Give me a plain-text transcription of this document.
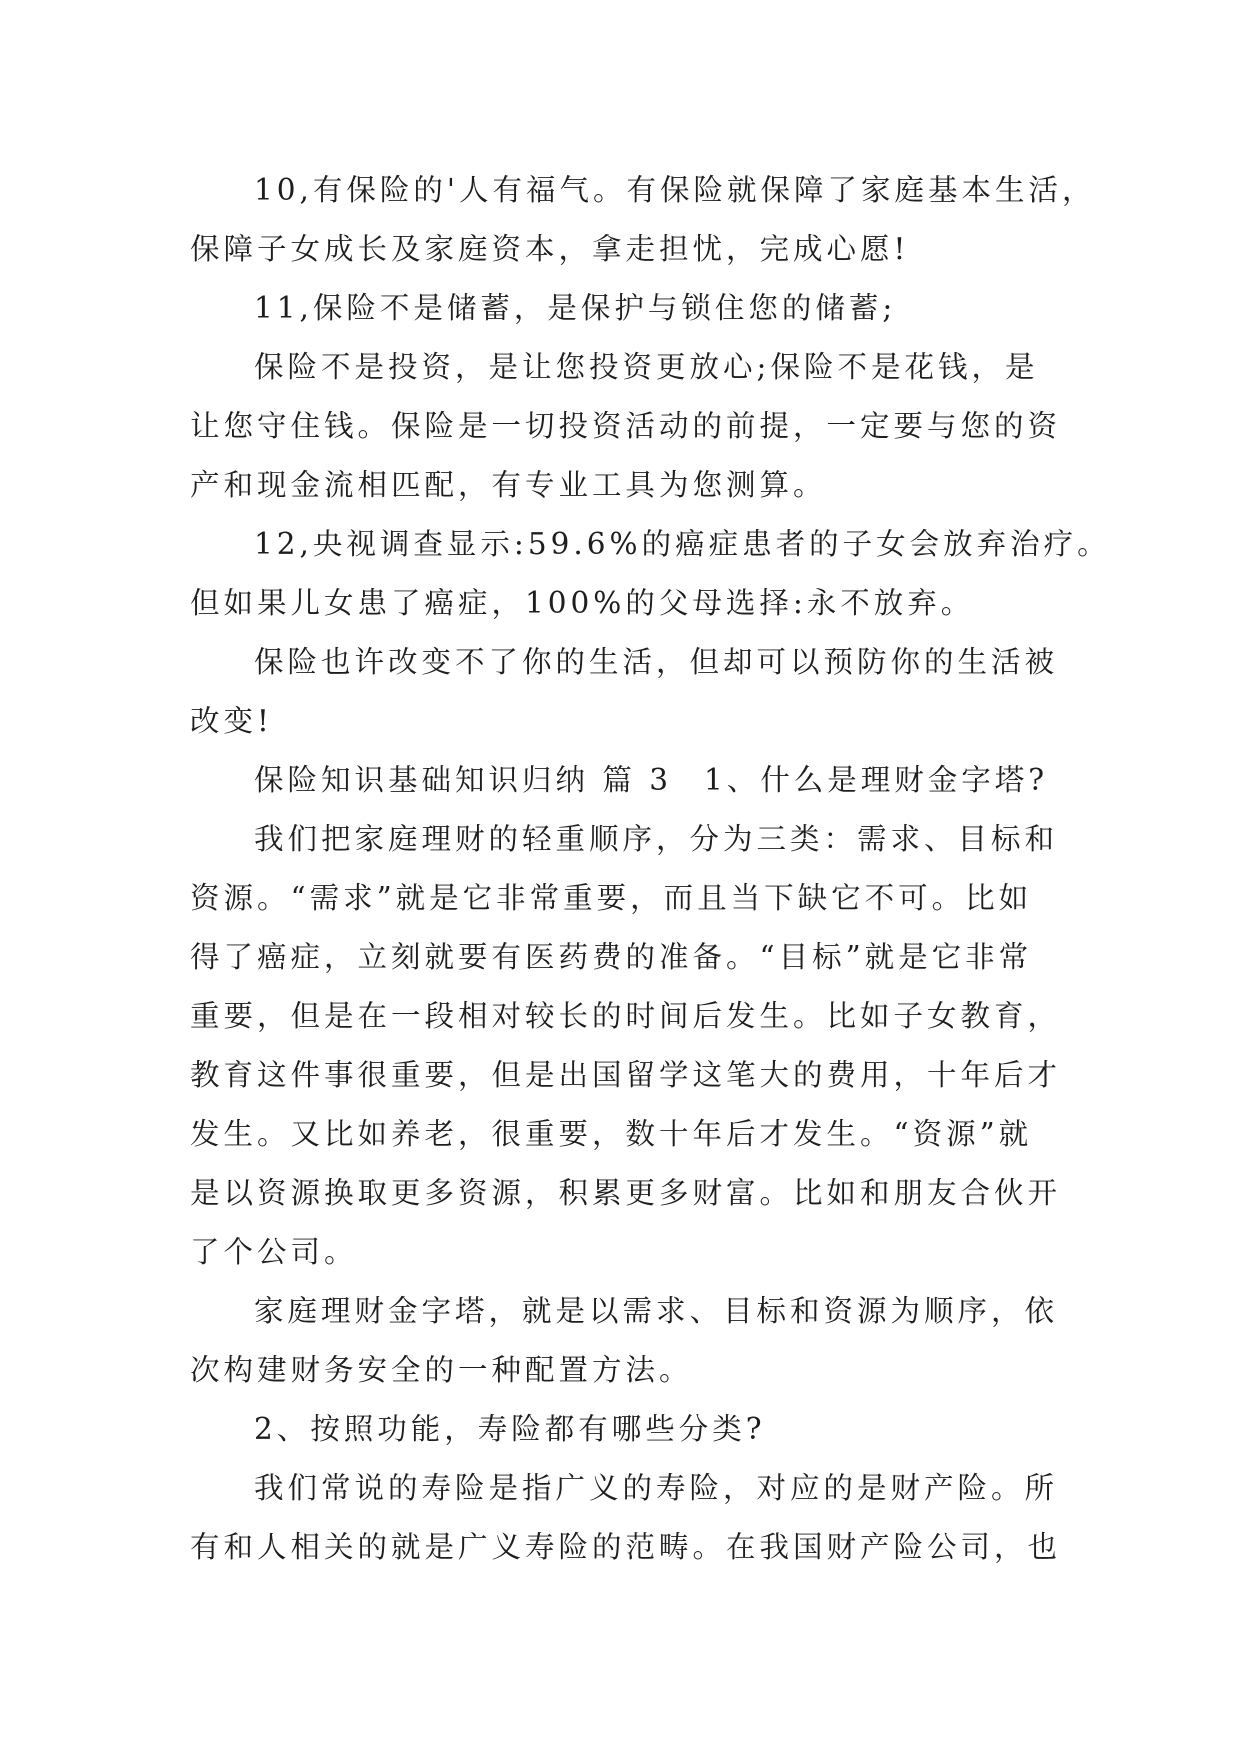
10,有保险的'人有福气。有保险就保障了家庭基本生活，
保障子女成长及家庭资本，拿走担忧，完成心愿!
11,保险不是储蓄，是保护与锁住您的储蓄;
保险不是投资，是让您投资更放心;保险不是花钱，是
让您守住钱。保险是一切投资活动的前提，一定要与您的资
产和现金流相匹配，有专业工具为您测算。
12,央视调查显示:59.6%的癌症患者的子女会放弃治疗。
但如果儿女患了癌症，100%的父母选择:永不放弃。
保险也许改变不了你的生活，但却可以预防你的生活被
改变!
保险知识基础知识归纳 篇 3 1、什么是理财金字塔?
我们把家庭理财的轻重顺序，分为三类：需求、目标和
资源。“需求”就是它非常重要，而且当下缺它不可。比如
得了癌症，立刻就要有医药费的准备。“目标”就是它非常
重要，但是在一段相对较长的时间后发生。比如子女教育，
教育这件事很重要，但是出国留学这笔大的费用，十年后才
发生。又比如养老，很重要，数十年后才发生。“资源”就
是以资源换取更多资源，积累更多财富。比如和朋友合伙开
了个公司。
家庭理财金字塔，就是以需求、目标和资源为顺序，依
次构建财务安全的一种配置方法。
2、按照功能，寿险都有哪些分类?
我们常说的寿险是指广义的寿险，对应的是财产险。所
有和人相关的就是广义寿险的范畴。在我国财产险公司，也
